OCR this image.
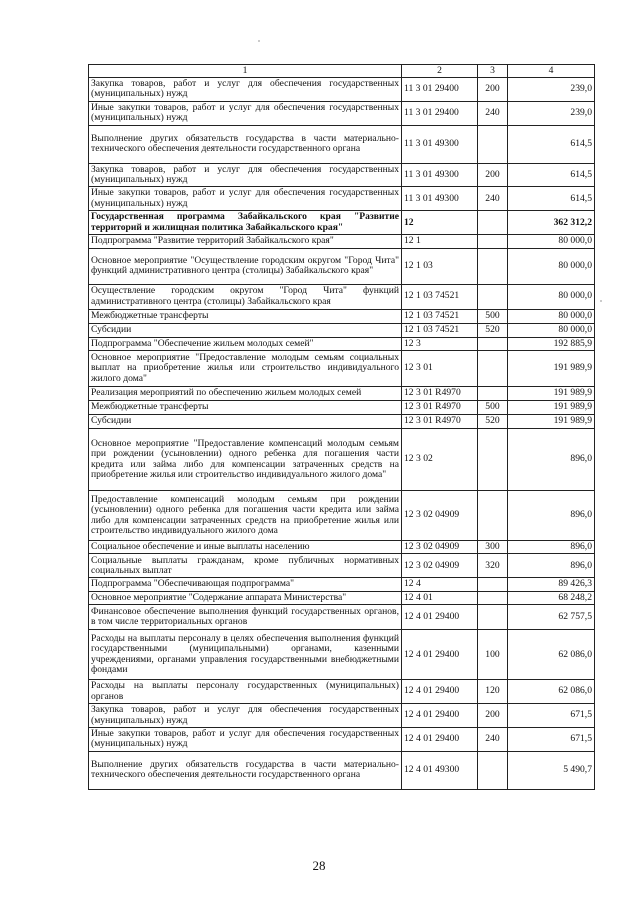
1	2	3	4
Закупка товаров, работ и услуг для обеспечения государственных (муниципальных) нужд	11 3 01 29400	200	239,0
Иные закупки товаров, работ и услуг для обеспечения государственных (муниципальных) нужд	11 3 01 29400	240	239,0
Выполнение других обязательств государства в части материально-технического обеспечения деятельности государственного органа	11 3 01 49300		614,5
Закупка товаров, работ и услуг для обеспечения государственных (муниципальных) нужд	11 3 01 49300	200	614,5
Иные закупки товаров, работ и услуг для обеспечения государственных (муниципальных) нужд	11 3 01 49300	240	614,5
Государственная программа Забайкальского края "Развитие территорий и жилищная политика Забайкальского края"	12		362 312,2
Подпрограмма "Развитие территорий Забайкальского края"	12 1		80 000,0
Основное мероприятие "Осуществление городским округом "Город Чита" функций административного центра (столицы) Забайкальского края"	12 1 03		80 000,0
Осуществление городским округом "Город Чита" функций административного центра (столицы) Забайкальского края	12 1 03 74521		80 000,0
Межбюджетные трансферты	12 1 03 74521	500	80 000,0
Субсидии	12 1 03 74521	520	80 000,0
Подпрограмма "Обеспечение жильем молодых семей"	12 3		192 885,9
Основное мероприятие "Предоставление молодым семьям социальных выплат на приобретение жилья или строительство индивидуального жилого дома"	12 3 01		191 989,9
Реализация мероприятий по обеспечению жильем молодых семей	12 3 01 R4970		191 989,9
Межбюджетные трансферты	12 3 01 R4970	500	191 989,9
Субсидии	12 3 01 R4970	520	191 989,9
Основное мероприятие "Предоставление компенсаций молодым семьям при рождении (усыновлении) одного ребенка для погашения части кредита или займа либо для компенсации затраченных средств на приобретение жилья или строительство индивидуального жилого дома"	12 3 02		896,0
Предоставление компенсаций молодым семьям при рождении (усыновлении) одного ребенка для погашения части кредита или займа либо для компенсации затраченных средств на приобретение жилья или строительство индивидуального жилого дома	12 3 02 04909		896,0
Социальное обеспечение и иные выплаты населению	12 3 02 04909	300	896,0
Социальные выплаты гражданам, кроме публичных нормативных социальных выплат	12 3 02 04909	320	896,0
Подпрограмма "Обеспечивающая подпрограмма"	12 4		89 426,3
Основное мероприятие "Содержание аппарата Министерства"	12 4 01		68 248,2
Финансовое обеспечение выполнения функций государственных органов, в том числе территориальных органов	12 4 01 29400		62 757,5
Расходы на выплаты персоналу в целях обеспечения выполнения функций государственными (муниципальными) органами, казенными учреждениями, органами управления государственными внебюджетными фондами	12 4 01 29400	100	62 086,0
Расходы на выплаты персоналу государственных (муниципальных) органов	12 4 01 29400	120	62 086,0
Закупка товаров, работ и услуг для обеспечения государственных (муниципальных) нужд	12 4 01 29400	200	671,5
Иные закупки товаров, работ и услуг для обеспечения государственных (муниципальных) нужд	12 4 01 29400	240	671,5
Выполнение других обязательств государства в части материально-технического обеспечения деятельности государственного органа	12 4 01 49300		5 490,7
28
